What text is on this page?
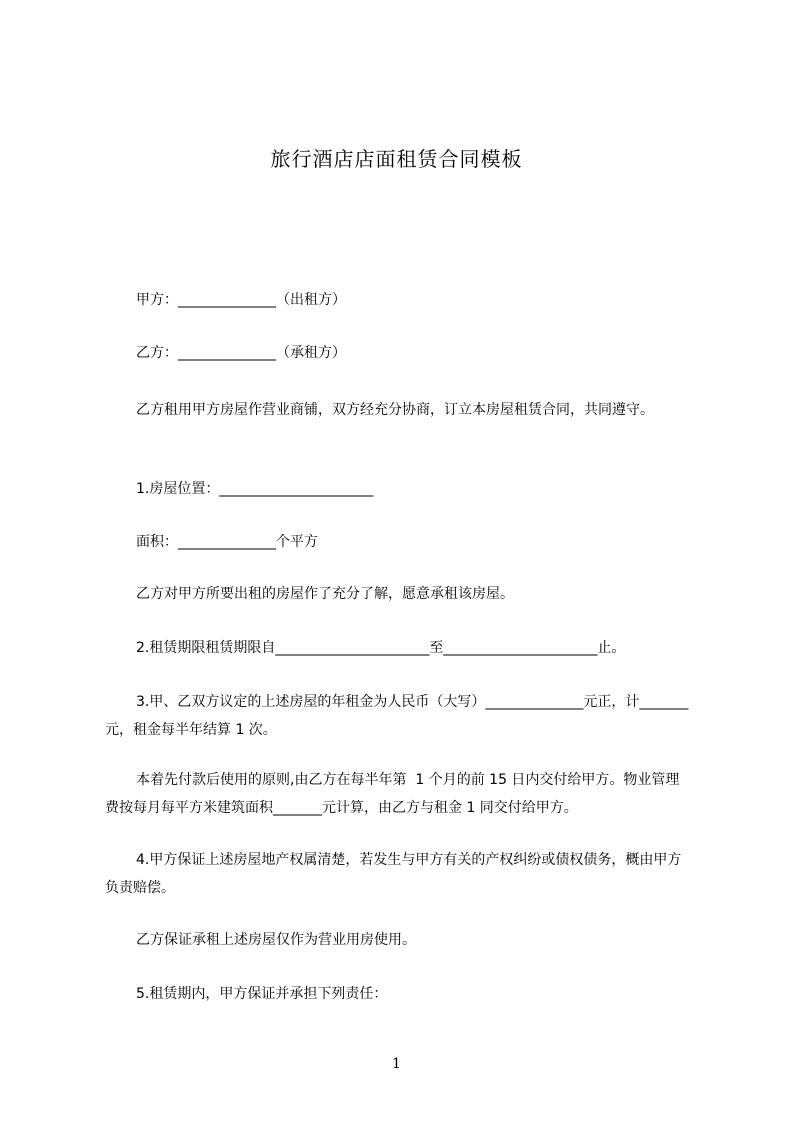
旅行酒店店面租赁合同模板

甲方：______________（出租方）

乙方：______________（承租方）

乙方租用甲方房屋作营业商铺，双方经充分协商，订立本房屋租赁合同，共同遵守。

1.房屋位置：______________________

面积：______________个平方

乙方对甲方所要出租的房屋作了充分了解，愿意承租该房屋。

2.租赁期限租赁期限自______________________至______________________止。

3.甲、乙双方议定的上述房屋的年租金为人民币（大写）______________元正，计_______元，租金每半年结算 1 次。

本着先付款后使用的原则,由乙方在每半年第  1 个月的前 15 日内交付给甲方。物业管理费按每月每平方米建筑面积_______元计算，由乙方与租金 1 同交付给甲方。

4.甲方保证上述房屋地产权属清楚，若发生与甲方有关的产权纠纷或债权债务，概由甲方负责赔偿。

乙方保证承租上述房屋仅作为营业用房使用。

5.租赁期内，甲方保证并承担下列责任：

1
